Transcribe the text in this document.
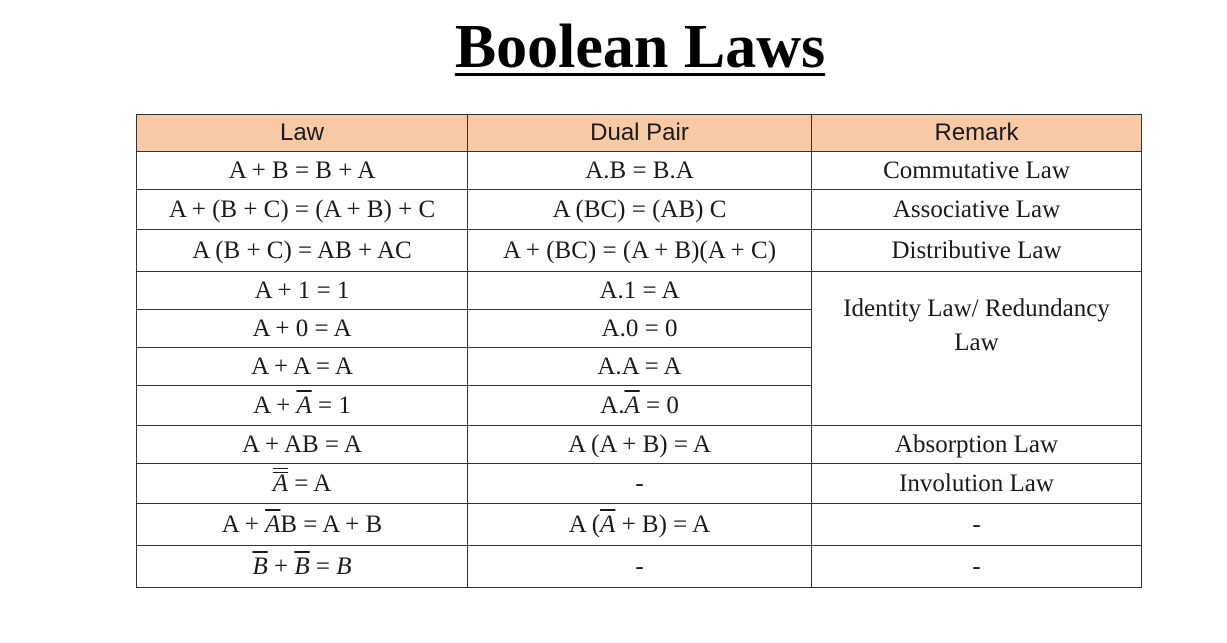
Boolean Laws
Law	Dual Pair	Remark
A + B = B + A	A.B = B.A	Commutative Law
A + (B + C) = (A + B) + C	A (BC) = (AB) C	Associative Law
A (B + C) = AB + AC	A + (BC) = (A + B)(A + C)	Distributive Law
A + 1 = 1	A.1 = A	Identity Law/ Redundancy Law

A + 0 = A	A.0 = 0	
A + A = A	A.A = A	
$A + \overline{A} = 1$	$A.\overline{A} = 0$	
A + AB = A	A (A + B) = A	Absorption Law
A = A	-	Involution Law
$A + \overline{A}B = A + B$	A $(\overline{A} + B) = A$	-
$\overline{B} + \overline{B} = B$	-	-
